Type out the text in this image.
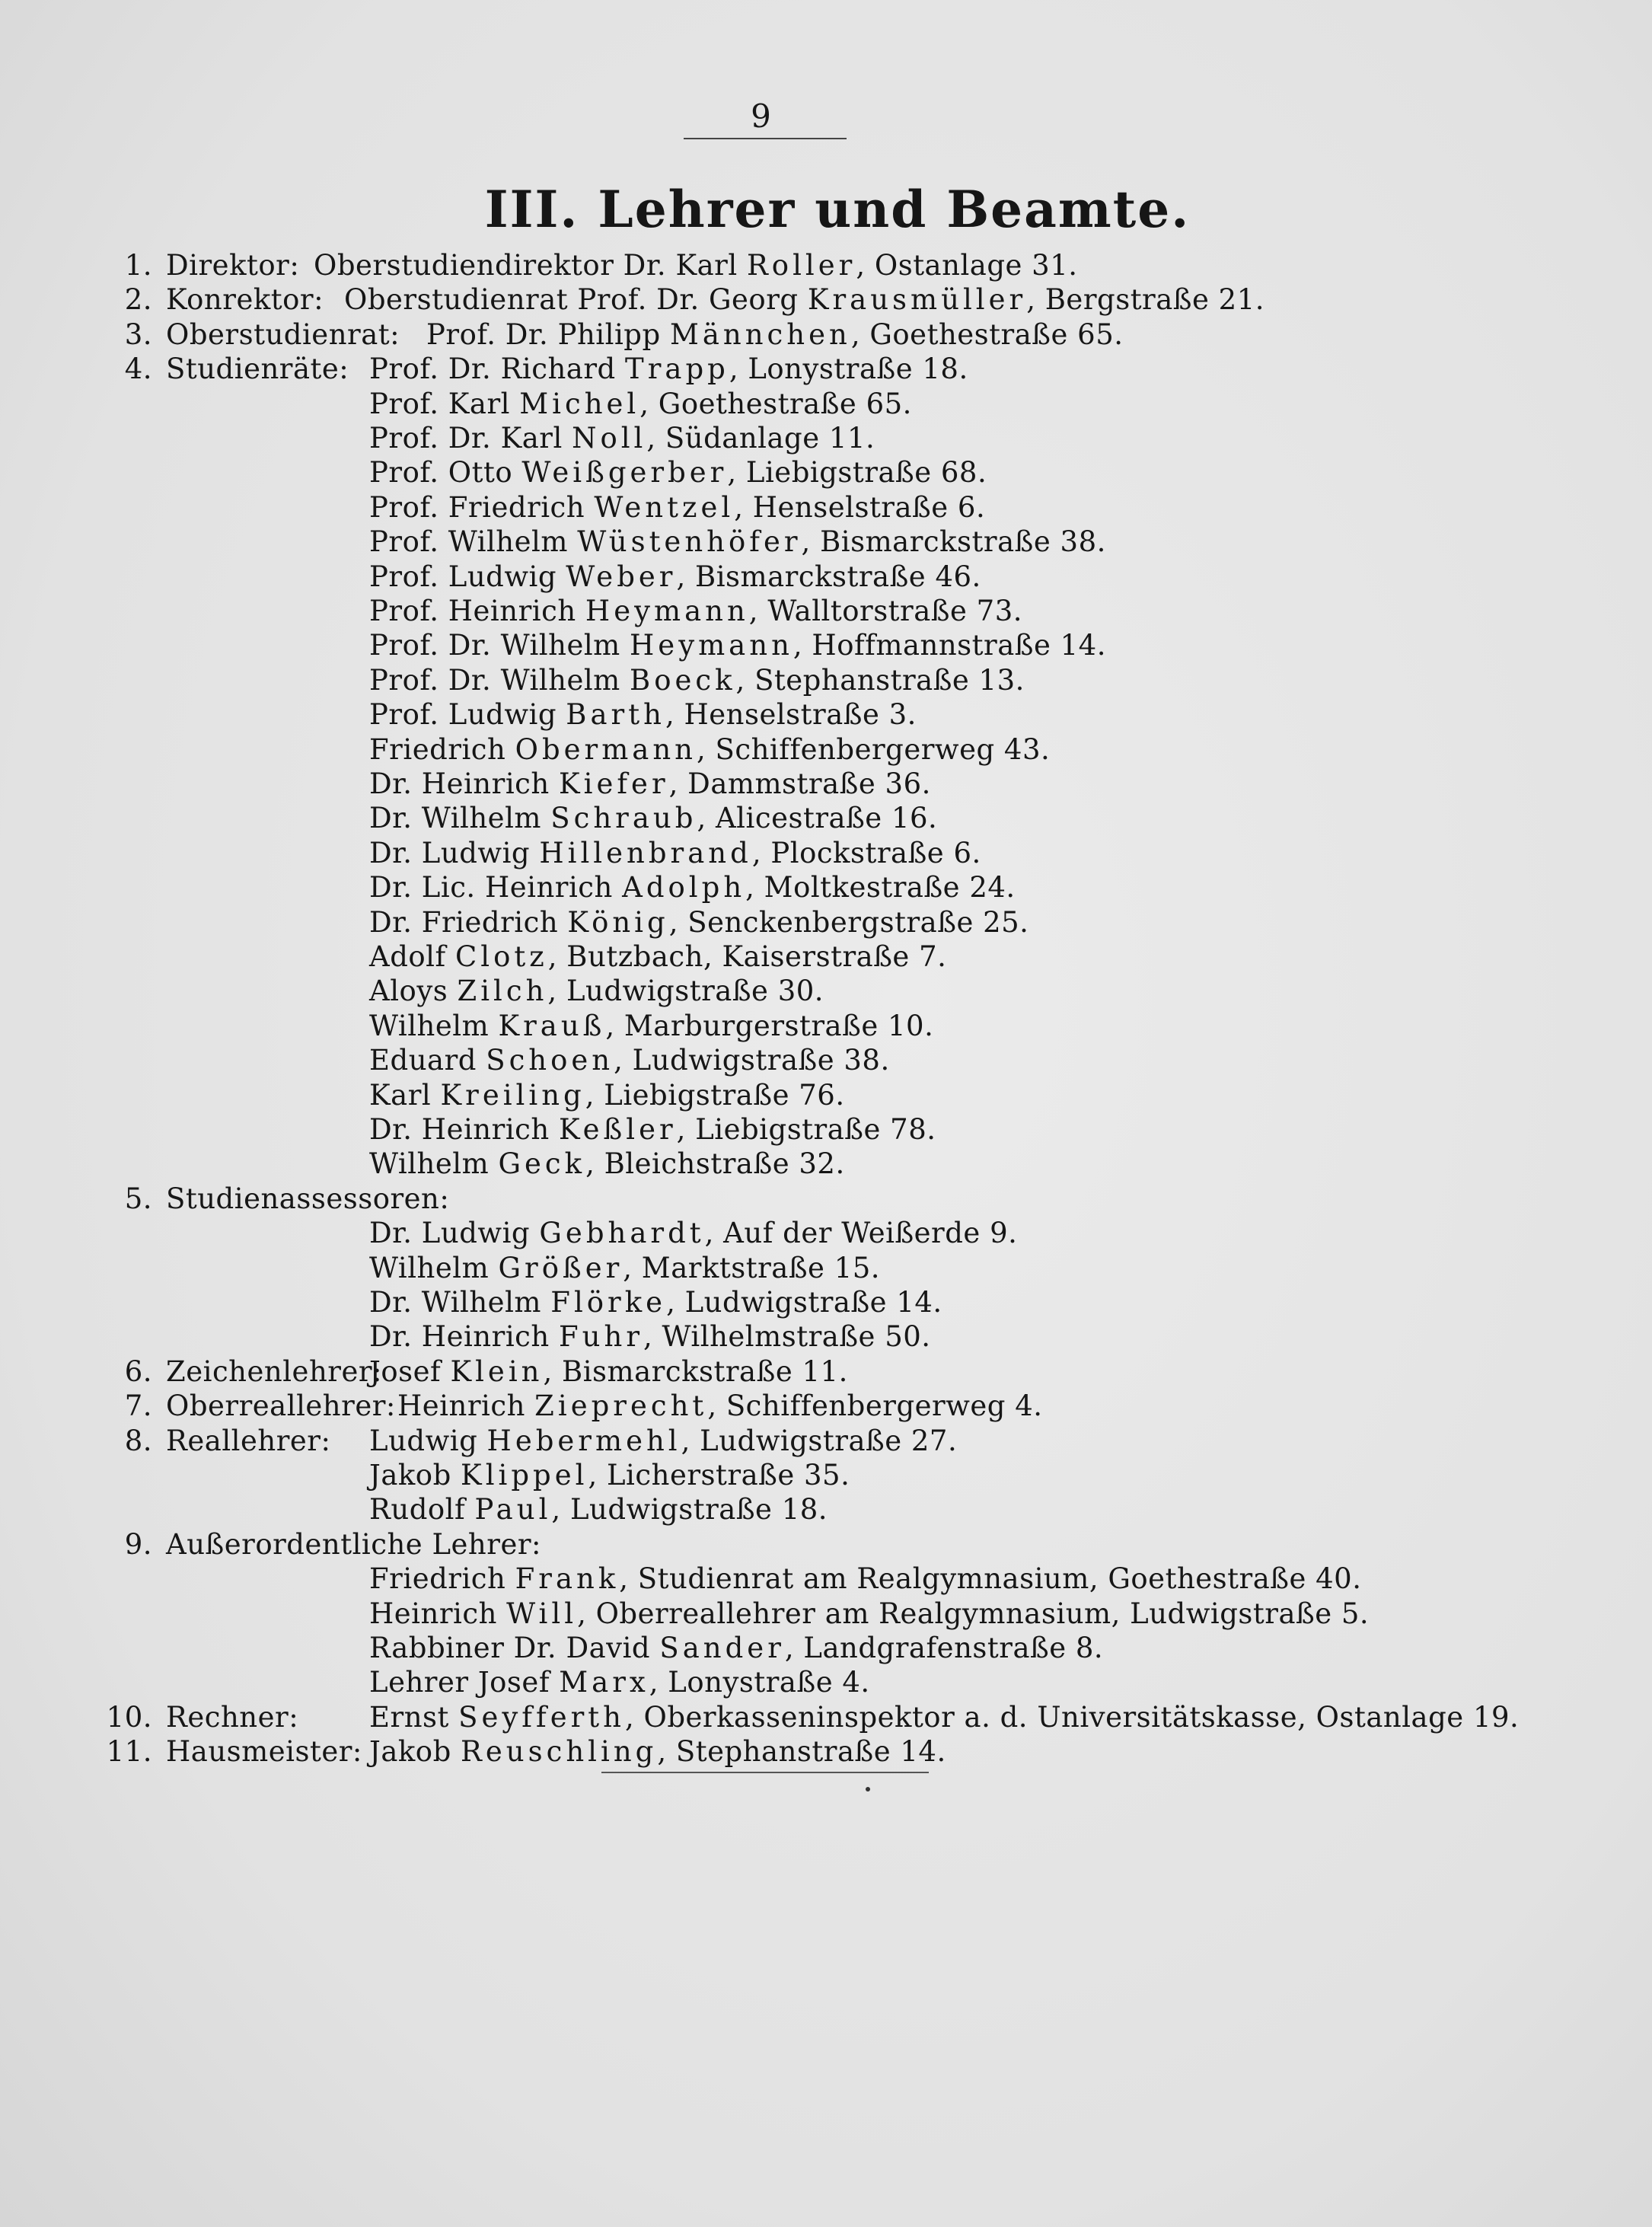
9
III. Lehrer und Beamte.
1. Direktor: Oberstudiendirektor Dr. Karl Roller, Ostanlage 31.
2. Konrektor: Oberstudienrat Prof. Dr. Georg Krausmüller, Bergstraße 21.
3. Oberstudienrat: Prof. Dr. Philipp Männchen, Goethestraße 65.
4. Studienräte: Prof. Dr. Richard Trapp, Lonystraße 18.
Prof. Karl Michel, Goethestraße 65.
Prof. Dr. Karl Noll, Südanlage 11.
Prof. Otto Weißgerber, Liebigstraße 68.
Prof. Friedrich Wentzel, Henselstraße 6.
Prof. Wilhelm Wüstenhöfer, Bismarckstraße 38.
Prof. Ludwig Weber, Bismarckstraße 46.
Prof. Heinrich Heymann, Walltorstraße 73.
Prof. Dr. Wilhelm Heymann, Hoffmannstraße 14.
Prof. Dr. Wilhelm Boeck, Stephanstraße 13.
Prof. Ludwig Barth, Henselstraße 3.
Friedrich Obermann, Schiffenbergerweg 43.
Dr. Heinrich Kiefer, Dammstraße 36.
Dr. Wilhelm Schraub, Alicestraße 16.
Dr. Ludwig Hillenbrand, Plockstraße 6.
Dr. Lic. Heinrich Adolph, Moltkestraße 24.
Dr. Friedrich König, Senckenbergstraße 25.
Adolf Clotz, Butzbach, Kaiserstraße 7.
Aloys Zilch, Ludwigstraße 30.
Wilhelm Krauß, Marburgerstraße 10.
Eduard Schoen, Ludwigstraße 38.
Karl Kreiling, Liebigstraße 76.
Dr. Heinrich Keßler, Liebigstraße 78.
Wilhelm Geck, Bleichstraße 32.
5. Studienassessoren:
Dr. Ludwig Gebhardt, Auf der Weißerde 9.
Wilhelm Größer, Marktstraße 15.
Dr. Wilhelm Flörke, Ludwigstraße 14.
Dr. Heinrich Fuhr, Wilhelmstraße 50.
6. Zeichenlehrer:
Josef Klein, Bismarckstraße 11.
7. Oberreallehrer: Heinrich Zieprecht, Schiffenbergerweg 4.
8. Reallehrer: Ludwig Hebermehl, Ludwigstraße 27.
Jakob Klippel, Licherstraße 35.
Rudolf Paul, Ludwigstraße 18.
9. Außerordentliche Lehrer:
Friedrich Frank, Studienrat am Realgymnasium, Goethestraße 40.
Heinrich Will, Oberreallehrer am Realgymnasium, Ludwigstraße 5.
Rabbiner Dr. David Sander, Landgrafenstraße 8.
Lehrer Josef Marx, Lonystraße 4.
10. Rechner:	Ernst Seyfferth, Oberkasseninspektor a. d. Universitätskasse, Ostanlage 19.
11. Hausmeister: Jakob Reuschling, Stephanstraße 14.
